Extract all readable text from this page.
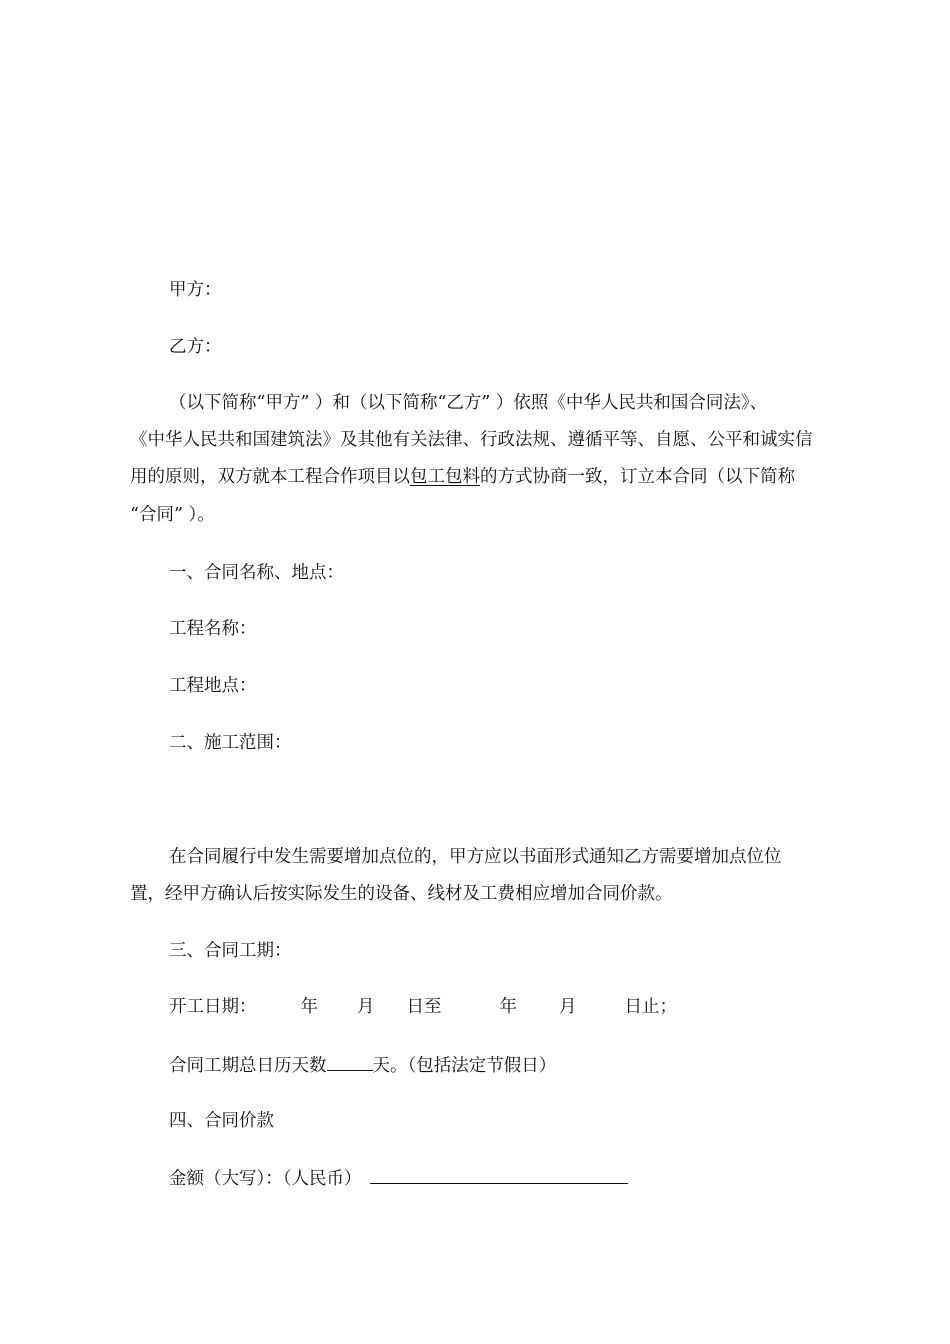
甲方：
乙方：
（以下简称“甲方” ）和（以下简称“乙方” ）依照《中华人民共和国合同法》、
《中华人民共和国建筑法》及其他有关法律、行政法规、遵循平等、自愿、公平和诚实信
用的原则，双方就本工程合作项目以包工包料的方式协商一致，订立本合同（以下简称
“合同” ）。
一、合同名称、地点：
工程名称：
工程地点：
二、施工范围：
在合同履行中发生需要增加点位的，甲方应以书面形式通知乙方需要增加点位位
置，经甲方确认后按实际发生的设备、线材及工费相应增加合同价款。
三、合同工期：
开工日期：	年 月 日至	年 月	日止；
合同工期总日历天数	天。（包括法定节假日）
四、合同价款
金额（大写）：（人民币）
